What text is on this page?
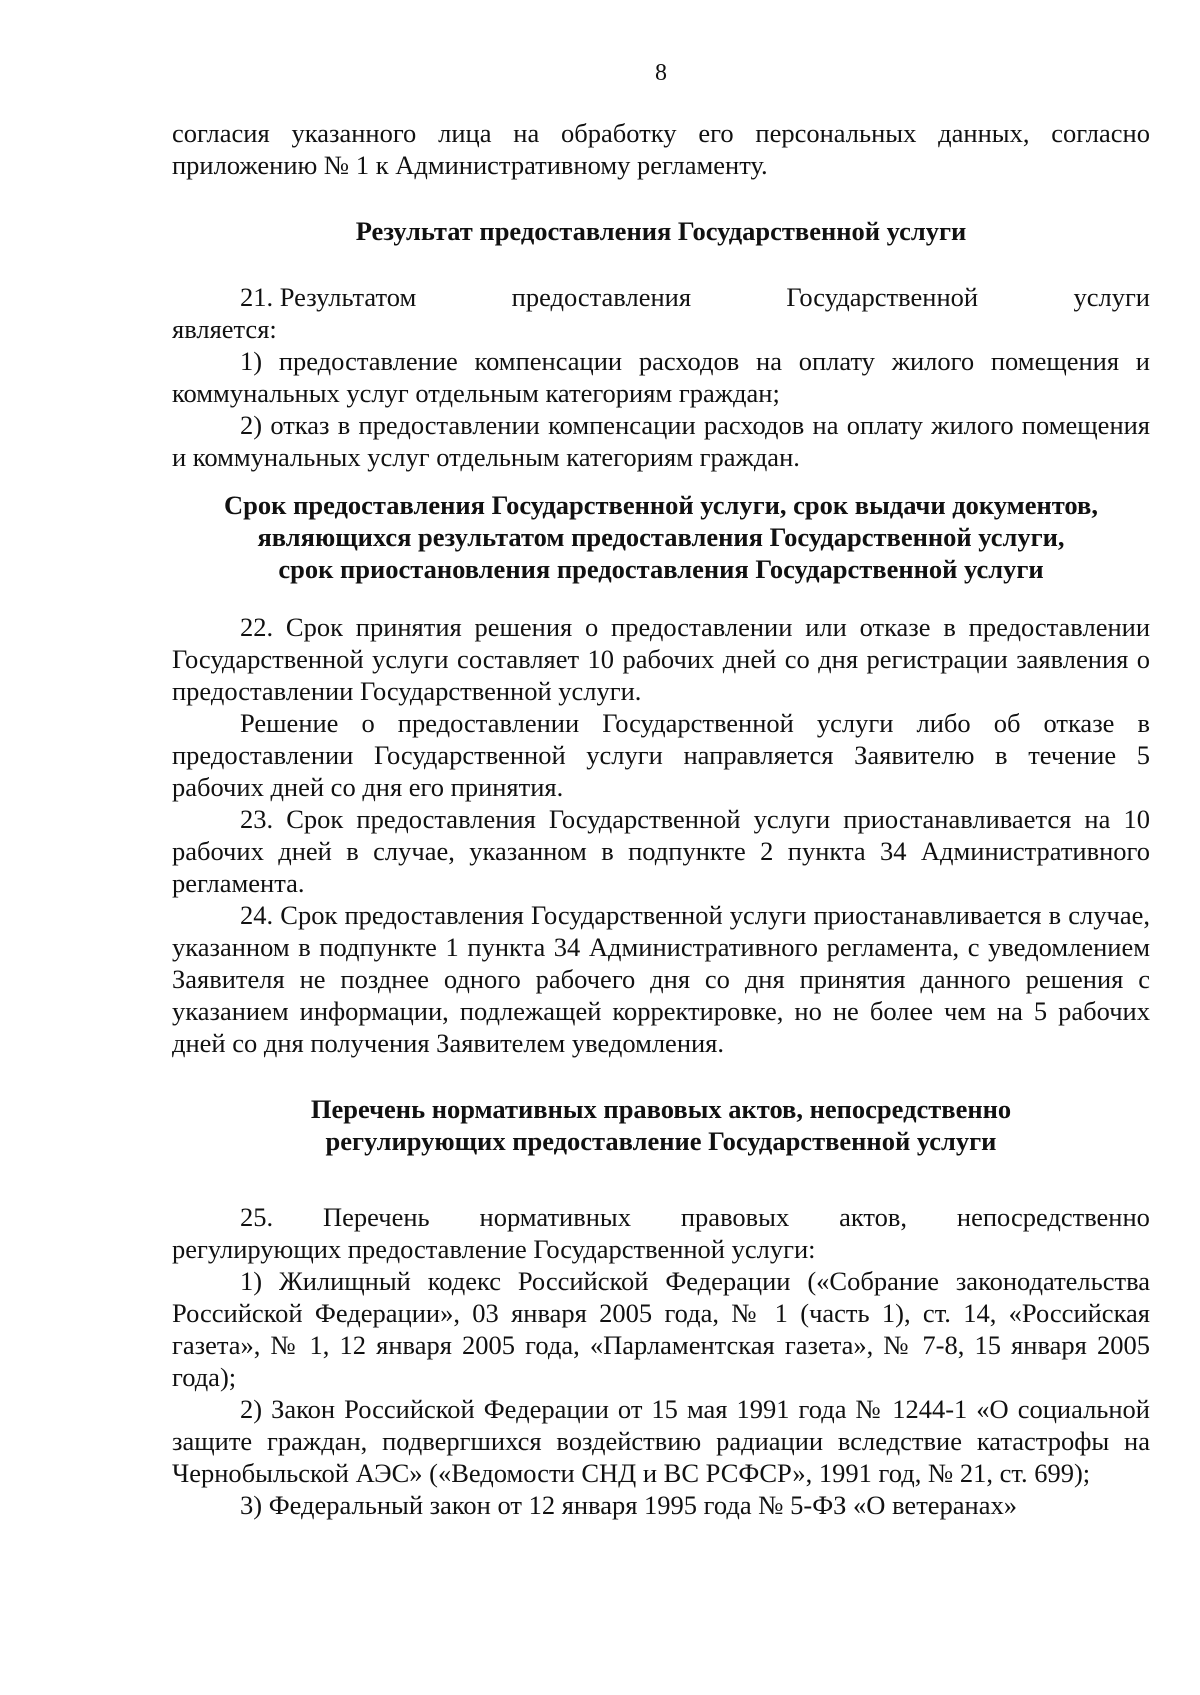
8

согласия указанного лица на обработку его персональных данных, согласно приложению № 1 к Административному регламенту.

Результат предоставления Государственной услуги
21. Результатом	предоставления	Государственной	услуги

является:

1) предоставление компенсации расходов на оплату жилого помещения и коммунальных услуг отдельным категориям граждан;

2) отказ в предоставлении компенсации расходов на оплату жилого помещения и коммунальных услуг отдельным категориям граждан.

Срок предоставления Государственной услуги, срок выдачи документов,
являющихся результатом предоставления Государственной услуги,
срок приостановления предоставления Государственной услуги

22. Срок принятия решения о предоставлении или отказе в предоставлении Государственной услуги составляет 10 рабочих дней со дня регистрации заявления о предоставлении Государственной услуги.

Решение о предоставлении Государственной услуги либо об отказе в предоставлении Государственной услуги направляется Заявителю в течение 5 рабочих дней со дня его принятия.

23. Срок предоставления Государственной услуги приостанавливается на 10 рабочих дней в случае, указанном в подпункте 2 пункта 34 Административного регламента.

24. Срок предоставления Государственной услуги приостанавливается в случае, указанном в подпункте 1 пункта 34 Административного регламента, с уведомлением Заявителя не позднее одного рабочего дня со дня принятия данного решения с указанием информации, подлежащей корректировке, но не более чем на 5 рабочих дней со дня получения Заявителем уведомления.

Перечень нормативных правовых актов, непосредственно
регулирующих предоставление Государственной услуги
25. Перечень нормативных правовых актов, непосредственно

регулирующих предоставление Государственной услуги:

1) Жилищный кодекс Российской Федерации («Собрание законодательства Российской Федерации», 03 января 2005 года, № 1 (часть 1), ст. 14, «Российская газета», № 1, 12 января 2005 года, «Парламентская газета», № 7-8, 15 января 2005 года);

2) Закон Российской Федерации от 15 мая 1991 года № 1244-1 «О социальной защите граждан, подвергшихся воздействию радиации вследствие катастрофы на Чернобыльской АЭС» («Ведомости СНД и ВС РСФСР», 1991 год, № 21, ст. 699);

3) Федеральный закон от 12 января 1995 года № 5-ФЗ «О ветеранах»
